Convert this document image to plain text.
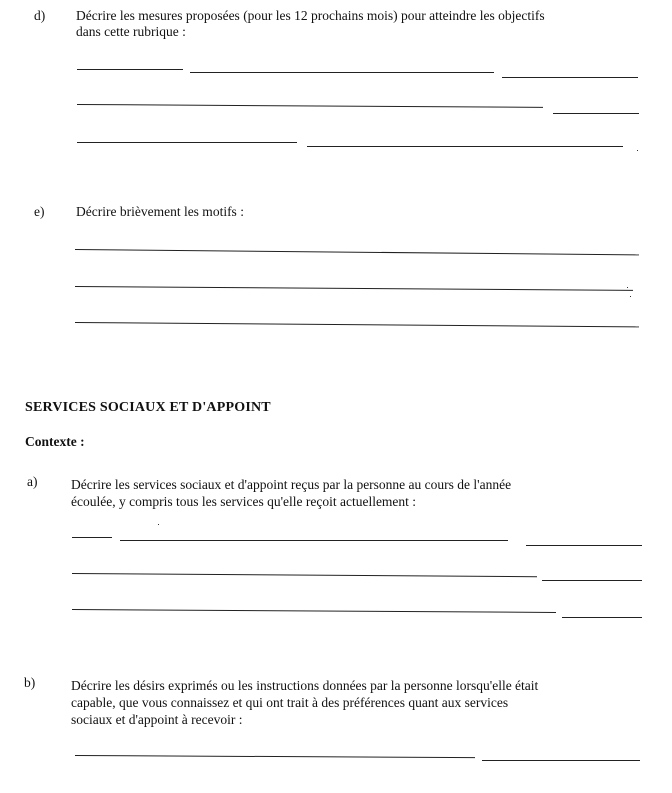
d) Décrire les mesures proposées (pour les 12 prochains mois) pour atteindre les objectifs
dans cette rubrique :
e) Décrire brièvement les motifs :
SERVICES SOCIAUX ET D'APPOINT
Contexte :
a) Décrire les services sociaux et d'appoint reçus par la personne au cours de l'année
écoulée, y compris tous les services qu'elle reçoit actuellement :
b)	Décrire les désirs exprimés ou les instructions données par la personne lorsqu'elle était
capable, que vous connaissez et qui ont trait à des préférences quant aux services
sociaux et d'appoint à recevoir :
